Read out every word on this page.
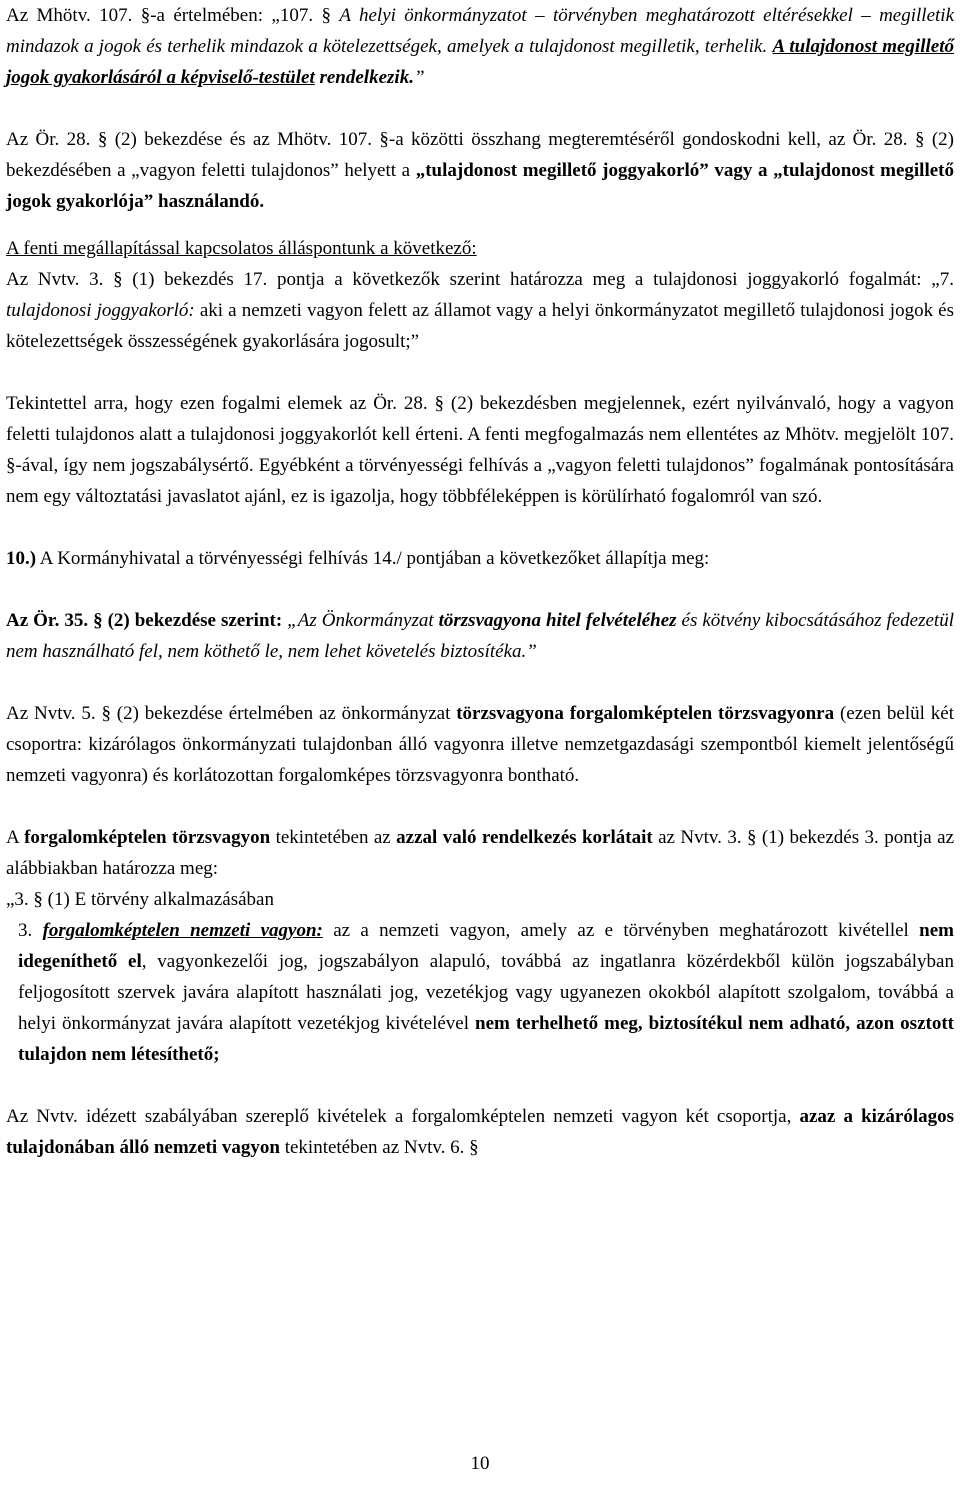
Az Mhötv. 107. §-a értelmében: „107. § A helyi önkormányzatot – törvényben meghatározott eltérésekkel – megilletik mindazok a jogok és terhelik mindazok a kötelezettségek, amelyek a tulajdonost megilletik, terhelik. A tulajdonost megillető jogok gyakorlásáról a képviselő-testület rendelkezik.”

Az Ör. 28. § (2) bekezdése és az Mhötv. 107. §-a közötti összhang megteremtéséről gondoskodni kell, az Ör. 28. § (2) bekezdésében a „vagyon feletti tulajdonos” helyett a „tulajdonost megillető joggyakorló” vagy a „tulajdonost megillető jogok gyakorlója” használandó.

A fenti megállapítással kapcsolatos álláspontunk a következő:
Az Nvtv. 3. § (1) bekezdés 17. pontja a következők szerint határozza meg a tulajdonosi joggyakorló fogalmát: „7. tulajdonosi joggyakorló: aki a nemzeti vagyon felett az államot vagy a helyi önkormányzatot megillető tulajdonosi jogok és kötelezettségek összességének gyakorlására jogosult;”

Tekintettel arra, hogy ezen fogalmi elemek az Ör. 28. § (2) bekezdésben megjelennek, ezért nyilvánvaló, hogy a vagyon feletti tulajdonos alatt a tulajdonosi joggyakorlót kell érteni. A fenti megfogalmazás nem ellentétes az Mhötv. megjelölt 107. §-ával, így nem jogszabálysértő. Egyébként a törvényességi felhívás a „vagyon feletti tulajdonos” fogalmának pontosítására nem egy változtatási javaslatot ajánl, ez is igazolja, hogy többféleképpen is körülírható fogalomról van szó.

10.) A Kormányhivatal a törvényességi felhívás 14./ pontjában a következőket állapítja meg:

Az Ör. 35. § (2) bekezdése szerint: „Az Önkormányzat törzsvagyona hitel felvételéhez és kötvény kibocsátásához fedezetül nem használható fel, nem köthető le, nem lehet követelés biztosítéka.”

Az Nvtv. 5. § (2) bekezdése értelmében az önkormányzat törzsvagyona forgalomképtelen törzsvagyonra (ezen belül két csoportra: kizárólagos önkormányzati tulajdonban álló vagyonra illetve nemzetgazdasági szempontból kiemelt jelentőségű nemzeti vagyonra) és korlátozottan forgalomképes törzsvagyonra bontható.

A forgalomképtelen törzsvagyon tekintetében az azzal való rendelkezés korlátait az Nvtv. 3. § (1) bekezdés 3. pontja az alábbiakban határozza meg:

„3. § (1) E törvény alkalmazásában

3. forgalomképtelen nemzeti vagyon: az a nemzeti vagyon, amely az e törvényben meghatározott kivétellel nem idegeníthető el, vagyonkezelői jog, jogszabályon alapuló, továbbá az ingatlanra közérdekből külön jogszabályban feljogosított szervek javára alapított használati jog, vezetékjog vagy ugyanezen okokból alapított szolgalom, továbbá a helyi önkormányzat javára alapított vezetékjog kivételével nem terhelhető meg, biztosítékul nem adható, azon osztott tulajdon nem létesíthető;

Az Nvtv. idézett szabályában szereplő kivételek a forgalomképtelen nemzeti vagyon két csoportja, azaz a kizárólagos tulajdonában álló nemzeti vagyon tekintetében az Nvtv. 6. §

10
